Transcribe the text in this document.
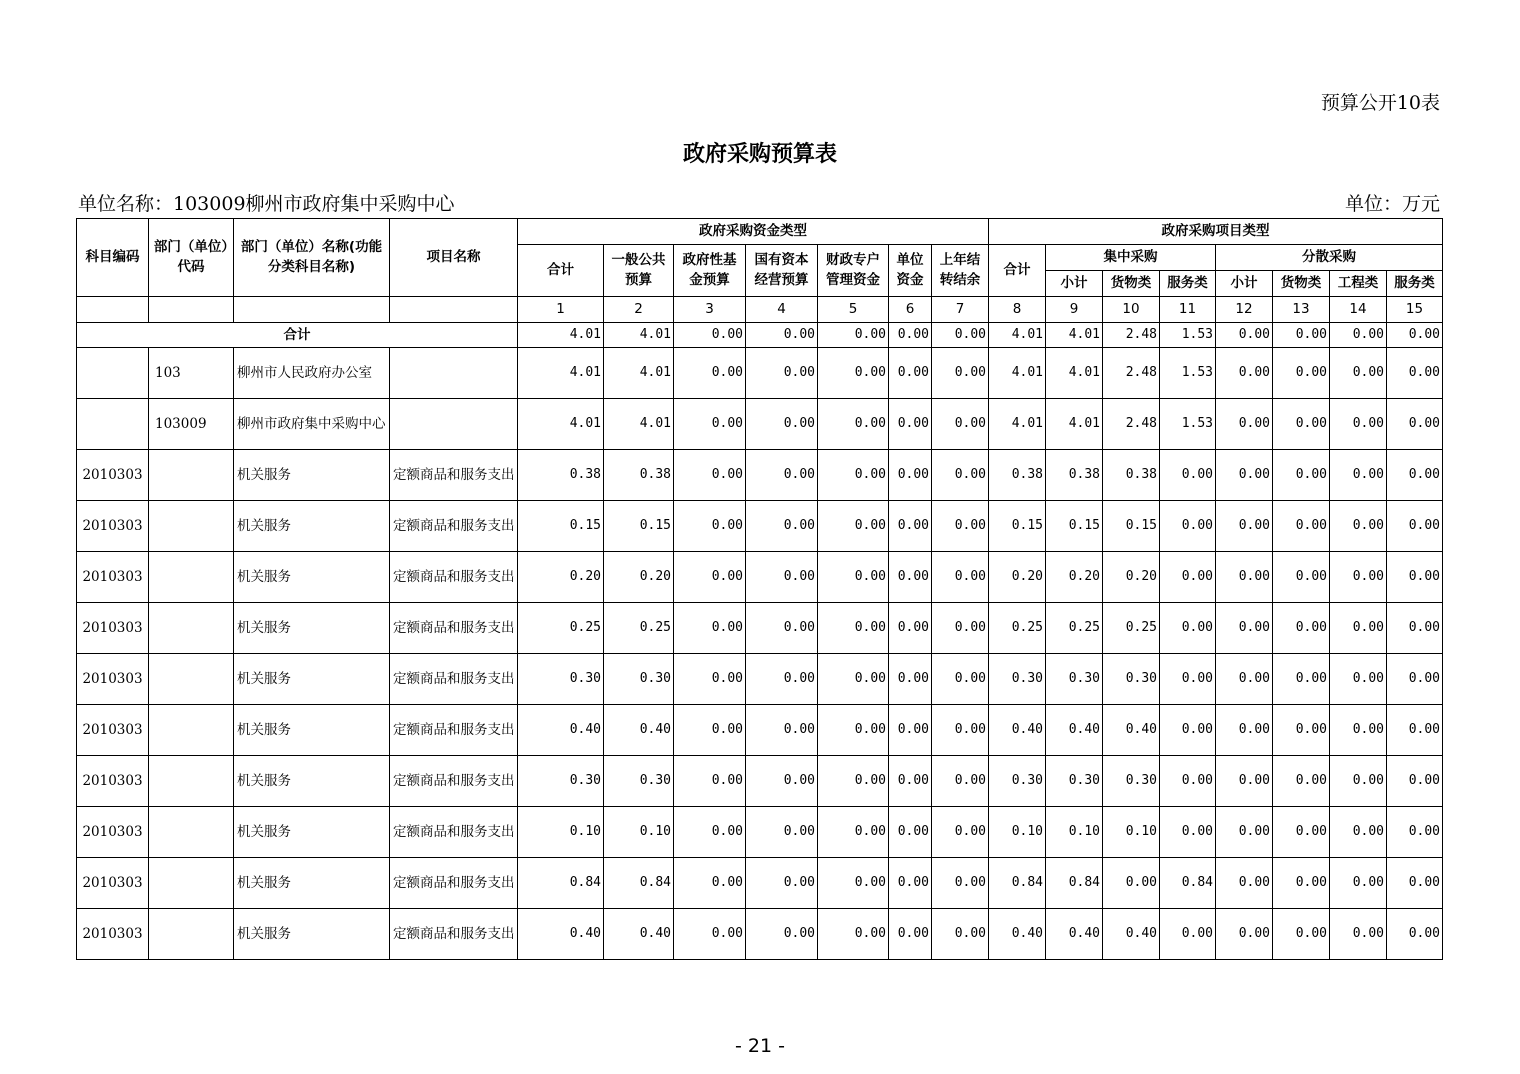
预算公开10表
政府采购预算表
单位名称：103009柳州市政府集中采购中心	单位：万元
科目编码	部门（单位）代码	部门（单位）名称(功能分类科目名称)	项目名称	政府采购资金类型							政府采购项目类型							
				合计	一般公共预算	政府性基金预算	国有资本经营预算	财政专户管理资金	单位资金	上年结转结余	合计	集中采购			分散采购			
												小计	货物类	服务类	小计	货物类	工程类	服务类
				1	2	3	4	5	6	7	8	9	10	11	12	13	14	15
合计				4.01	4.01	0.00	0.00	0.00	0.00	0.00	4.01	4.01	2.48	1.53	0.00	0.00	0.00	0.00
	103	柳州市人民政府办公室		4.01	4.01	0.00	0.00	0.00	0.00	0.00	4.01	4.01	2.48	1.53	0.00	0.00	0.00	0.00
	103009	柳州市政府集中采购中心		4.01	4.01	0.00	0.00	0.00	0.00	0.00	4.01	4.01	2.48	1.53	0.00	0.00	0.00	0.00
2010303		机关服务	定额商品和服务支出	0.38	0.38	0.00	0.00	0.00	0.00	0.00	0.38	0.38	0.38	0.00	0.00	0.00	0.00	0.00
2010303		机关服务	定额商品和服务支出	0.15	0.15	0.00	0.00	0.00	0.00	0.00	0.15	0.15	0.15	0.00	0.00	0.00	0.00	0.00
2010303		机关服务	定额商品和服务支出	0.20	0.20	0.00	0.00	0.00	0.00	0.00	0.20	0.20	0.20	0.00	0.00	0.00	0.00	0.00
2010303		机关服务	定额商品和服务支出	0.25	0.25	0.00	0.00	0.00	0.00	0.00	0.25	0.25	0.25	0.00	0.00	0.00	0.00	0.00
2010303		机关服务	定额商品和服务支出	0.30	0.30	0.00	0.00	0.00	0.00	0.00	0.30	0.30	0.30	0.00	0.00	0.00	0.00	0.00
2010303		机关服务	定额商品和服务支出	0.40	0.40	0.00	0.00	0.00	0.00	0.00	0.40	0.40	0.40	0.00	0.00	0.00	0.00	0.00
2010303		机关服务	定额商品和服务支出	0.30	0.30	0.00	0.00	0.00	0.00	0.00	0.30	0.30	0.30	0.00	0.00	0.00	0.00	0.00
2010303		机关服务	定额商品和服务支出	0.10	0.10	0.00	0.00	0.00	0.00	0.00	0.10	0.10	0.10	0.00	0.00	0.00	0.00	0.00
2010303		机关服务	定额商品和服务支出	0.84	0.84	0.00	0.00	0.00	0.00	0.00	0.84	0.84	0.00	0.84	0.00	0.00	0.00	0.00
2010303		机关服务	定额商品和服务支出	0.40	0.40	0.00	0.00	0.00	0.00	0.00	0.40	0.40	0.40	0.00	0.00	0.00	0.00	0.00
- 21 -
